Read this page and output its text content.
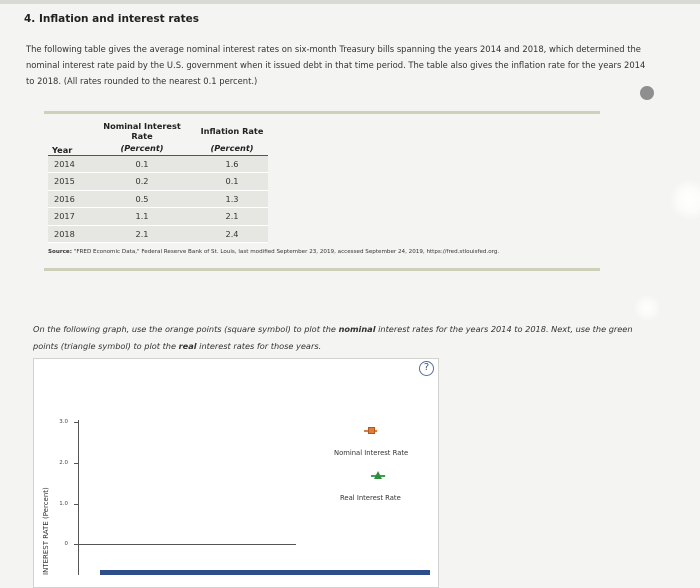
4. Inflation and interest rates
The following table gives the average nominal interest rates on six-month Treasury bills spanning the years 2014 and 2018, which determined the nominal interest rate paid by the U.S. government when it issued debt in that time period. The table also gives the inflation rate for the years 2014 to 2018. (All rates rounded to the nearest 0.1 percent.)
Year	Nominal Interest Rate	Inflation Rate
	(Percent)	(Percent)
2014	0.1	1.6
2015	0.2	0.1
2016	0.5	1.3
2017	1.1	2.1
2018	2.1	2.4
Source: "FRED Economic Data," Federal Reserve Bank of St. Louis, last modified September 23, 2019, accessed September 24, 2019, https://fred.stlouisfed.org.
On the following graph, use the orange points (square symbol) to plot the nominal interest rates for the years 2014 to 2018. Next, use the green points (triangle symbol) to plot the real interest rates for those years.
?
3.0
2.0
1.0
0
INTEREST RATE (Percent)
Nominal Interest Rate
Real Interest Rate
